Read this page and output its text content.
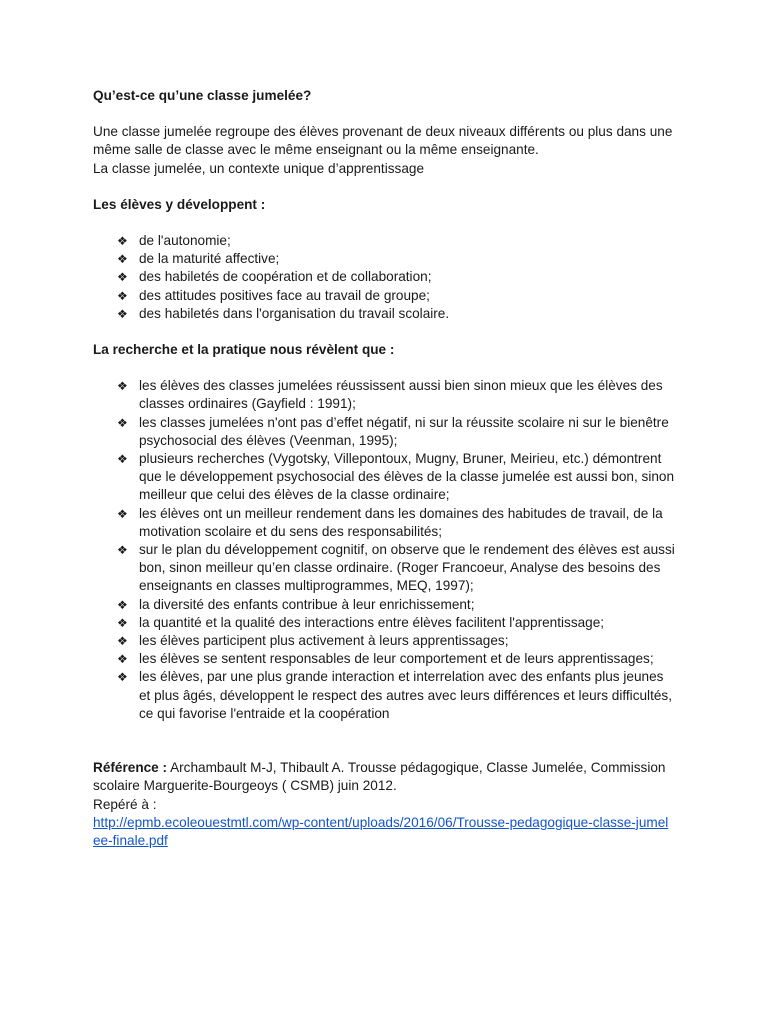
Qu’est-ce qu’une classe jumelée?

Une classe jumelée regroupe des élèves provenant de deux niveaux différents ou plus dans une même salle de classe avec le même enseignant ou la même enseignante.

La classe jumelée, un contexte unique d’apprentissage

Les élèves y développent :

❖ de l'autonomie;
❖ de la maturité affective;
❖ des habiletés de coopération et de collaboration;
❖ des attitudes positives face au travail de groupe;
❖ des habiletés dans l'organisation du travail scolaire.

La recherche et la pratique nous révèlent que :

❖ les élèves des classes jumelées réussissent aussi bien sinon mieux que les élèves des classes ordinaires (Gayfield : 1991);
❖ les classes jumelées n'ont pas d’effet négatif, ni sur la réussite scolaire ni sur le bienêtre psychosocial des élèves (Veenman, 1995);
❖ plusieurs recherches (Vygotsky, Villepontoux, Mugny, Bruner, Meirieu, etc.) démontrent que le développement psychosocial des élèves de la classe jumelée est aussi bon, sinon meilleur que celui des élèves de la classe ordinaire;
❖ les élèves ont un meilleur rendement dans les domaines des habitudes de travail, de la motivation scolaire et du sens des responsabilités;
❖ sur le plan du développement cognitif, on observe que le rendement des élèves est aussi bon, sinon meilleur qu’en classe ordinaire. (Roger Francoeur, Analyse des besoins des enseignants en classes multiprogrammes, MEQ, 1997);
❖ la diversité des enfants contribue à leur enrichissement;
❖ la quantité et la qualité des interactions entre élèves facilitent l'apprentissage;
❖ les élèves participent plus activement à leurs apprentissages;
❖ les élèves se sentent responsables de leur comportement et de leurs apprentissages;
❖ les élèves, par une plus grande interaction et interrelation avec des enfants plus jeunes et plus âgés, développent le respect des autres avec leurs différences et leurs difficultés, ce qui favorise l'entraide et la coopération

Référence : Archambault M-J, Thibault A. Trousse pédagogique, Classe Jumelée, Commission scolaire Marguerite-Bourgeoys ( CSMB) juin 2012.

Repéré à :

http://epmb.ecoleouestmtl.com/wp-content/uploads/2016/06/Trousse-pedagogique-classe-jumelee-finale.pdf
